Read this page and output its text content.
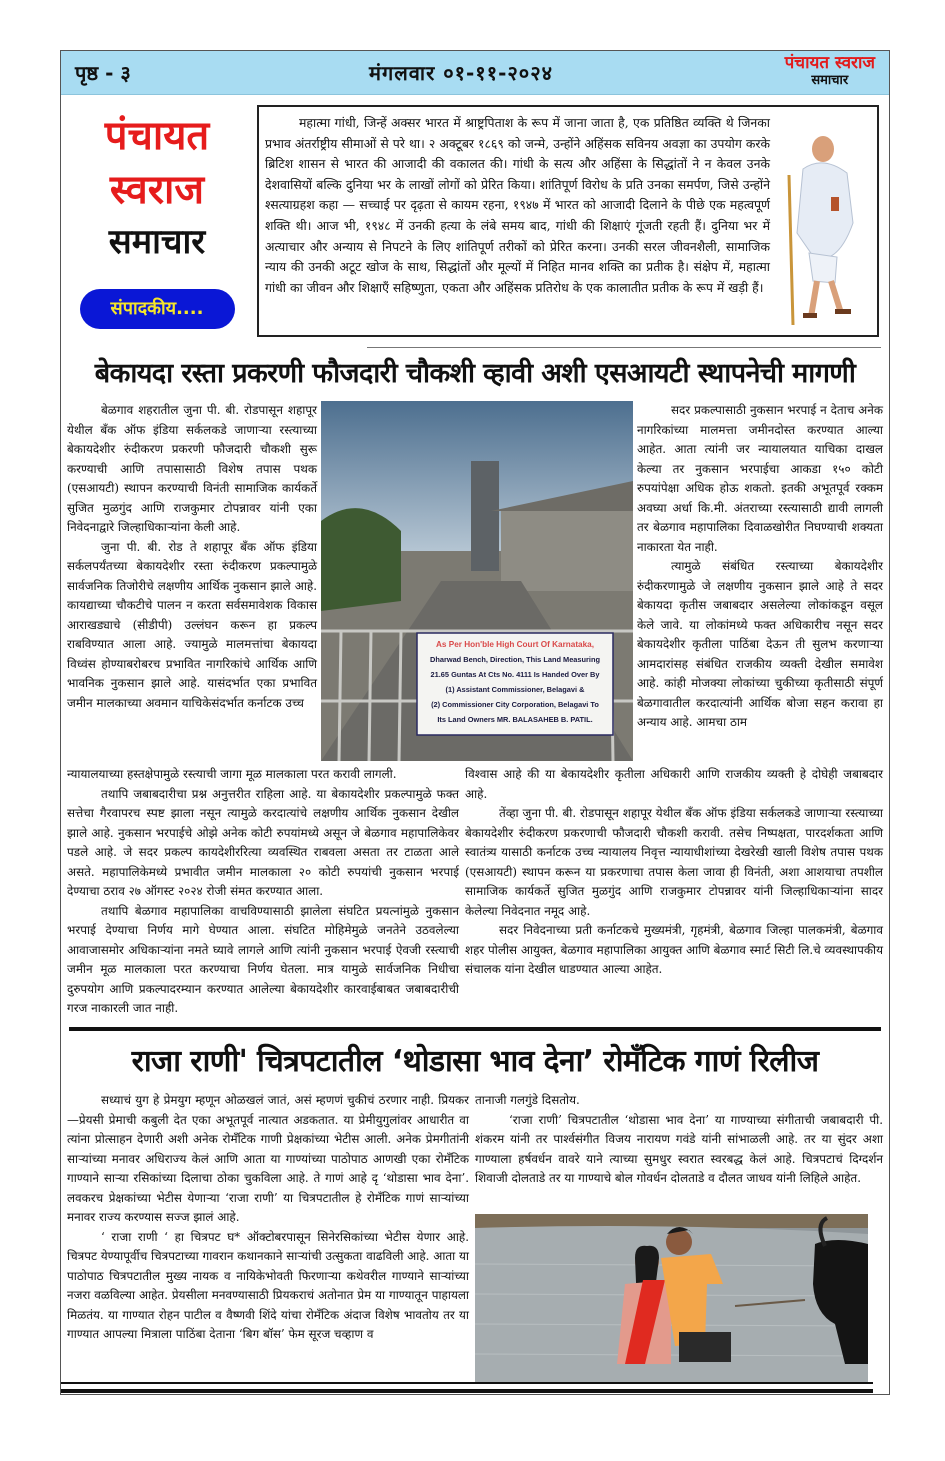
पृष्ठ - ३	मंगलवार ०१-११-२०२४	पंचायत स्वराज
समाचार
पंचायत
स्वराज
समाचार
संपादकीय....

महात्मा गांधी, जिन्हें अक्सर भारत में श्राष्ट्रपिताश के रूप में जाना जाता है, एक प्रतिष्ठित व्यक्ति थे जिनका प्रभाव अंतर्राष्ट्रीय सीमाओं से परे था। २ अक्टूबर १८६९ को जन्मे, उन्होंने अहिंसक सविनय अवज्ञा का उपयोग करके ब्रिटिश शासन से भारत की आजादी की वकालत की। गांधी के सत्य और अहिंसा के सिद्धांतों ने न केवल उनके देशवासियों बल्कि दुनिया भर के लाखों लोगों को प्रेरित किया। शांतिपूर्ण विरोध के प्रति उनका समर्पण, जिसे उन्होंने श्सत्याग्रहश कहा — सच्चाई पर दृढ़ता से कायम रहना, १९४७ में भारत को आजादी दिलाने के पीछे एक महत्वपूर्ण शक्ति थी। आज भी, १९४८ में उनकी हत्या के लंबे समय बाद, गांधी की शिक्षाएं गूंजती रहती हैं। दुनिया भर में अत्याचार और अन्याय से निपटने के लिए शांतिपूर्ण तरीकों को प्रेरित करना। उनकी सरल जीवनशैली, सामाजिक न्याय की उनकी अटूट खोज के साथ, सिद्धांतों और मूल्यों में निहित मानव शक्ति का प्रतीक है। संक्षेप में, महात्मा गांधी का जीवन और शिक्षाएँ सहिष्णुता, एकता और अहिंसक प्रतिरोध के एक कालातीत प्रतीक के रूप में खड़ी हैं।

बेकायदा रस्ता प्रकरणी फौजदारी चौकशी व्हावी अशी एसआयटी स्थापनेची मागणी

बेळगाव शहरातील जुना पी. बी. रोडपासून शहापूर येथील बँक ऑफ इंडिया सर्कलकडे जाणाऱ्या रस्त्याच्या बेकायदेशीर रुंदीकरण प्रकरणी फौजदारी चौकशी सुरू करण्याची आणि तपासासाठी विशेष तपास पथक (एसआयटी) स्थापन करण्याची विनंती सामाजिक कार्यकर्ते सुजित मुळगुंद आणि राजकुमार टोपन्नावर यांनी एका निवेदनाद्वारे जिल्हाधिकाऱ्यांना केली आहे.

जुना पी. बी. रोड ते शहापूर बँक ऑफ इंडिया सर्कलपर्यंतच्या बेकायदेशीर रस्ता रुंदीकरण प्रकल्पामुळे सार्वजनिक तिजोरीचे लक्षणीय आर्थिक नुकसान झाले आहे. कायद्याच्या चौकटीचे पालन न करता सर्वसमावेशक विकास आराखड्याचे (सीडीपी) उल्लंघन करून हा प्रकल्प राबविण्यात आला आहे. ज्यामुळे मालमत्तांचा बेकायदा विध्वंस होण्याबरोबरच प्रभावित नागरिकांचे आर्थिक आणि भावनिक नुकसान झाले आहे. यासंदर्भात एका प्रभावित जमीन मालकाच्या अवमान याचिकेसंदर्भात कर्नाटक उच्च

As Per Hon'ble High Court Of Karnataka,
Dharwad Bench, Direction, This Land Measuring
21.65 Guntas At Cts No. 4111 Is Handed Over By
(1) Assistant Commissioner, Belagavi &
(2) Commissioner City Corporation, Belagavi To
Its Land Owners MR. BALASAHEB B. PATIL.

सदर प्रकल्पासाठी नुकसान भरपाई न देताच अनेक नागरिकांच्या मालमत्ता जमीनदोस्त करण्यात आल्या आहेत. आता त्यांनी जर न्यायालयात याचिका दाखल केल्या तर नुकसान भरपाईचा आकडा १५० कोटी रुपयांपेक्षा अधिक होऊ शकतो. इतकी अभूतपूर्व रक्कम अवघ्या अर्धा कि.मी. अंतराच्या रस्त्यासाठी द्यावी लागली तर बेळगाव महापालिका दिवाळखोरीत निघण्याची शक्यता नाकारता येत नाही.

त्यामुळे संबंधित रस्त्याच्या बेकायदेशीर रुंदीकरणामुळे जे लक्षणीय नुकसान झाले आहे ते सदर बेकायदा कृतीस जबाबदार असलेल्या लोकांकडून वसूल केले जावे. या लोकांमध्ये फक्त अधिकारीच नसून सदर बेकायदेशीर कृतीला पाठिंबा देऊन ती सुलभ करणाऱ्या आमदारांसह संबंधित राजकीय व्यक्ती देखील समावेश आहे. कांही मोजक्या लोकांच्या चुकीच्या कृतीसाठी संपूर्ण बेळगावातील करदात्यांनी आर्थिक बोजा सहन करावा हा अन्याय आहे. आमचा ठाम

न्यायालयाच्या हस्तक्षेपामुळे रस्त्याची जागा मूळ मालकाला परत करावी लागली.

तथापि जबाबदारीचा प्रश्न अनुत्तरीत राहिला आहे. या बेकायदेशीर प्रकल्पामुळे फक्त सत्तेचा गैरवापरच स्पष्ट झाला नसून त्यामुळे करदात्यांचे लक्षणीय आर्थिक नुकसान देखील झाले आहे. नुकसान भरपाईचे ओझे अनेक कोटी रुपयांमध्ये असून जे बेळगाव महापालिकेवर पडले आहे. जे सदर प्रकल्प कायदेशीररित्या व्यवस्थित राबवला असता तर टाळता आले असते. महापालिकेमध्ये प्रभावीत जमीन मालकाला २० कोटी रुपयांची नुकसान भरपाई देण्याचा ठराव २७ ऑगस्ट २०२४ रोजी संमत करण्यात आला.

तथापि बेळगाव महापालिका वाचविण्यासाठी झालेला संघटित प्रयत्नांमुळे नुकसान भरपाई देण्याचा निर्णय मागे घेण्यात आला. संघटित मोहिमेमुळे जनतेने उठवलेल्या आवाजासमोर अधिकाऱ्यांना नमते घ्यावे लागले आणि त्यांनी नुकसान भरपाई ऐवजी रस्त्याची जमीन मूळ मालकाला परत करण्याचा निर्णय घेतला. मात्र यामुळे सार्वजनिक निधीचा दुरुपयोग आणि प्रकल्पादरम्यान करण्यात आलेल्या बेकायदेशीर कारवाईबाबत जबाबदारीची गरज नाकारली जात नाही.

विश्वास आहे की या बेकायदेशीर कृतीला अधिकारी आणि राजकीय व्यक्ती हे दोघेही जबाबदार आहे.

तेंव्हा जुना पी. बी. रोडपासून शहापूर येथील बँक ऑफ इंडिया सर्कलकडे जाणाऱ्या रस्त्याच्या बेकायदेशीर रुंदीकरण प्रकरणाची फौजदारी चौकशी करावी. तसेच निष्पक्षता, पारदर्शकता आणि स्वातंत्र्य यासाठी कर्नाटक उच्च न्यायालय निवृत्त न्यायाधीशांच्या देखरेखी खाली विशेष तपास पथक (एसआयटी) स्थापन करून या प्रकरणाचा तपास केला जावा ही विनंती, अशा आशयाचा तपशील सामाजिक कार्यकर्ते सुजित मुळगुंद आणि राजकुमार टोपन्नावर यांनी जिल्हाधिकाऱ्यांना सादर केलेल्या निवेदनात नमूद आहे.

सदर निवेदनाच्या प्रती कर्नाटकचे मुख्यमंत्री, गृहमंत्री, बेळगाव जिल्हा पालकमंत्री, बेळगाव शहर पोलीस आयुक्त, बेळगाव महापालिका आयुक्त आणि बेळगाव स्मार्ट सिटी लि.चे व्यवस्थापकीय संचालक यांना देखील धाडण्यात आल्या आहेत.

राजा राणी' चित्रपटातील ‘थोडासा भाव देना’ रोमँटिक गाणं रिलीज

सध्याचं युग हे प्रेमयुग म्हणून ओळखलं जातं, असं म्हणणं चुकीचं ठरणार नाही. प्रियकर—प्रेयसी प्रेमाची कबुली देत एका अभूतपूर्व नात्यात अडकतात. या प्रेमीयुगुलांवर आधारीत वा त्यांना प्रोत्साहन देणारी अशी अनेक रोमँटिक गाणी प्रेक्षकांच्या भेटीस आली. अनेक प्रेमगीतांनी साऱ्यांच्या मनावर अधिराज्य केलं आणि आता या गाण्यांच्या पाठोपाठ आणखी एका रोमँटिक गाण्याने साऱ्या रसिकांच्या दिलाचा ठोका चुकविला आहे. ते गाणं आहे दृ ‘थोडासा भाव देना’. लवकरच प्रेक्षकांच्या भेटीस येणाऱ्या ‘राजा राणी’ या चित्रपटातील हे रोमँटिक गाणं साऱ्यांच्या मनावर राज्य करण्यास सज्ज झालं आहे.

‘ राजा राणी ‘ हा चित्रपट घ* ऑक्टोबरपासून सिनेरसिकांच्या भेटीस येणार आहे. चित्रपट येण्यापूर्वीच चित्रपटाच्या गावरान कथानकाने साऱ्यांची उत्सुकता वाढविली आहे. आता या पाठोपाठ चित्रपटातील मुख्य नायक व नायिकेभोवती फिरणाऱ्या कथेवरील गाण्याने साऱ्यांच्या नजरा वळविल्या आहेत. प्रेयसीला मनवण्यासाठी प्रियकराचं अतोनात प्रेम या गाण्यातून पाहायला मिळतंय. या गाण्यात रोहन पाटील व वैष्णवी शिंदे यांचा रोमँटिक अंदाज विशेष भावतोय तर या गाण्यात आपल्या मित्राला पाठिंबा देताना ‘बिग बॉस’ फेम सूरज चव्हाण व

तानाजी गलगुंडे दिसतोय.

‘राजा राणी’ चित्रपटातील ‘थोडासा भाव देना’ या गाण्याच्या संगीताची जबाबदारी पी. शंकरम यांनी तर पार्श्वसंगीत विजय नारायण गवंडे यांनी सांभाळली आहे. तर या सुंदर अशा गाण्याला हर्षवर्धन वावरे याने त्याच्या सुमधुर स्वरात स्वरबद्ध केलं आहे. चित्रपटाचं दिग्दर्शन शिवाजी दोलताडे तर या गाण्याचे बोल गोवर्धन दोलताडे व दौलत जाधव यांनी लिहिले आहेत.
